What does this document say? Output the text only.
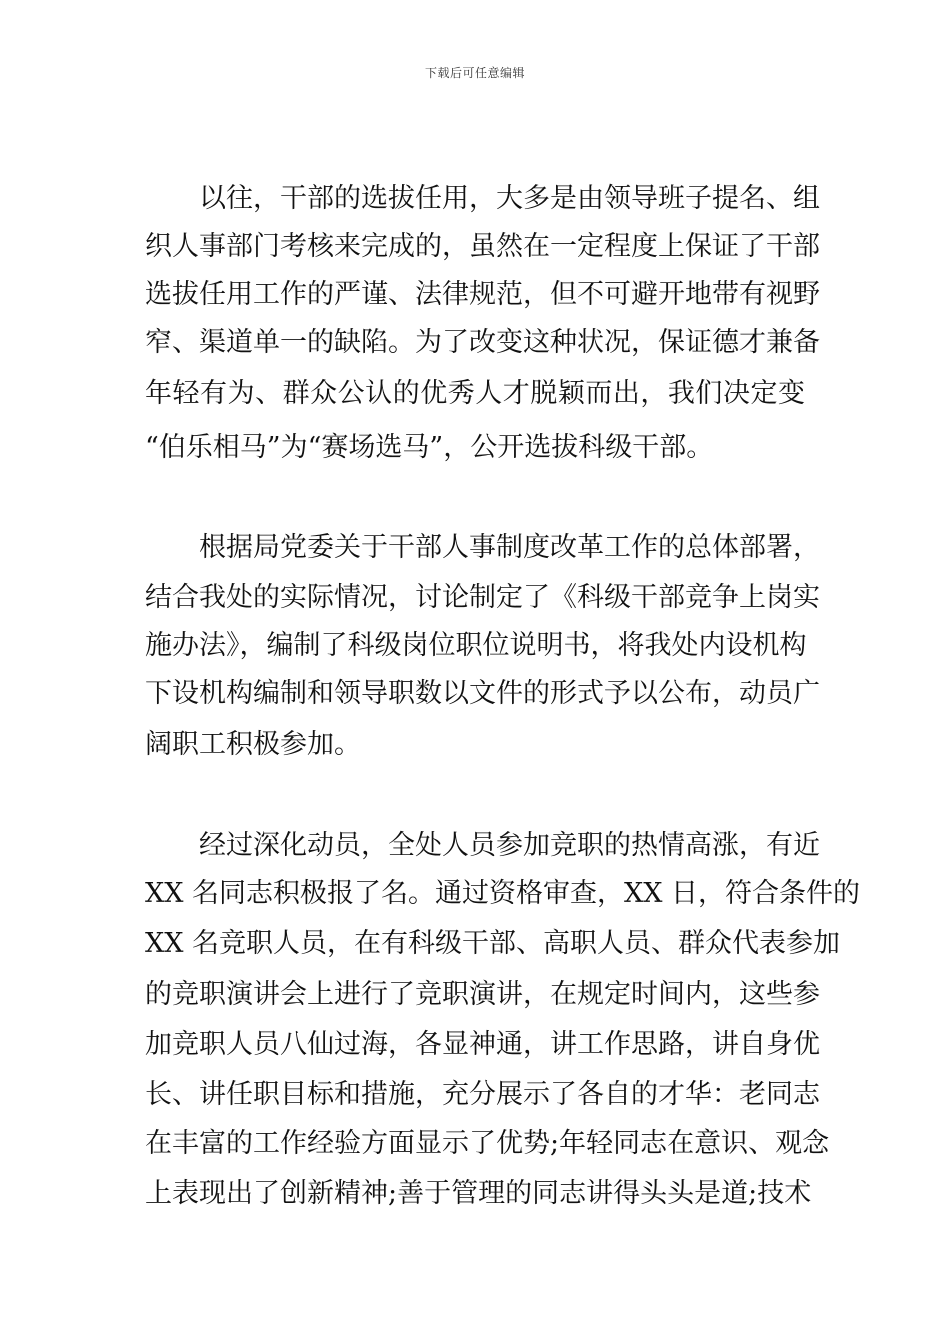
下载后可任意编辑
以往，干部的选拔任用，大多是由领导班子提名、组
织人事部门考核来完成的，虽然在一定程度上保证了干部
选拔任用工作的严谨、法律规范，但不可避开地带有视野
窄、渠道单一的缺陷。为了改变这种状况，保证德才兼备
年轻有为、群众公认的优秀人才脱颖而出，我们决定变
“伯乐相马”为“赛场选马”，公开选拔科级干部。
根据局党委关于干部人事制度改革工作的总体部署，
结合我处的实际情况，讨论制定了《科级干部竞争上岗实
施办法》，编制了科级岗位职位说明书，将我处内设机构
下设机构编制和领导职数以文件的形式予以公布，动员广
阔职工积极参加。
经过深化动员，全处人员参加竞职的热情高涨，有近
XX 名同志积极报了名。通过资格审查，XX 日，符合条件的
XX 名竞职人员，在有科级干部、高职人员、群众代表参加
的竞职演讲会上进行了竞职演讲，在规定时间内，这些参
加竞职人员八仙过海，各显神通，讲工作思路，讲自身优
长、讲任职目标和措施，充分展示了各自的才华：老同志
在丰富的工作经验方面显示了优势;年轻同志在意识、观念
上表现出了创新精神;善于管理的同志讲得头头是道;技术
